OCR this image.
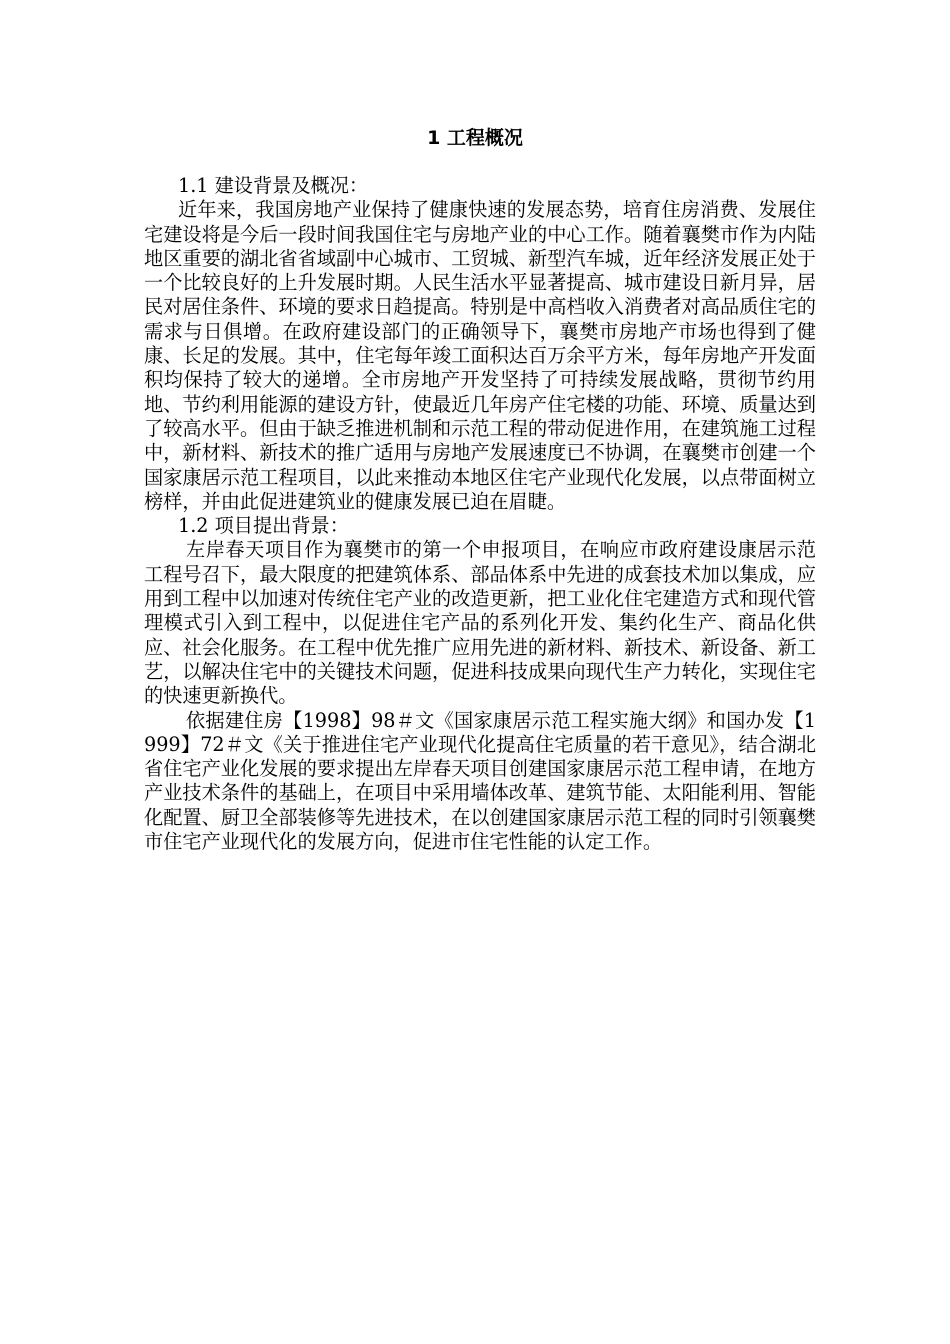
1 工程概况

1.1 建设背景及概况：

近年来，我国房地产业保持了健康快速的发展态势，培育住房消费、发展住宅建设将是今后一段时间我国住宅与房地产业的中心工作。随着襄樊市作为内陆地区重要的湖北省省域副中心城市、工贸城、新型汽车城，近年经济发展正处于一个比较良好的上升发展时期。人民生活水平显著提高、城市建设日新月异，居民对居住条件、环境的要求日趋提高。特别是中高档收入消费者对高品质住宅的需求与日俱增。在政府建设部门的正确领导下，襄樊市房地产市场也得到了健康、长足的发展。其中，住宅每年竣工面积达百万余平方米，每年房地产开发面积均保持了较大的递增。全市房地产开发坚持了可持续发展战略，贯彻节约用地、节约利用能源的建设方针，使最近几年房产住宅楼的功能、环境、质量达到了较高水平。但由于缺乏推进机制和示范工程的带动促进作用，在建筑施工过程中，新材料、新技术的推广适用与房地产发展速度已不协调，在襄樊市创建一个国家康居示范工程项目，以此来推动本地区住宅产业现代化发展，以点带面树立榜样，并由此促进建筑业的健康发展已迫在眉睫。

1.2 项目提出背景：

左岸春天项目作为襄樊市的第一个申报项目，在响应市政府建设康居示范工程号召下，最大限度的把建筑体系、部品体系中先进的成套技术加以集成，应用到工程中以加速对传统住宅产业的改造更新，把工业化住宅建造方式和现代管理模式引入到工程中，以促进住宅产品的系列化开发、集约化生产、商品化供应、社会化服务。在工程中优先推广应用先进的新材料、新技术、新设备、新工艺，以解决住宅中的关键技术问题，促进科技成果向现代生产力转化，实现住宅的快速更新换代。

依据建住房【1998】98＃文《国家康居示范工程实施大纲》和国办发【1999】72＃文《关于推进住宅产业现代化提高住宅质量的若干意见》，结合湖北省住宅产业化发展的要求提出左岸春天项目创建国家康居示范工程申请，在地方产业技术条件的基础上，在项目中采用墙体改革、建筑节能、太阳能利用、智能化配置、厨卫全部装修等先进技术，在以创建国家康居示范工程的同时引领襄樊市住宅产业现代化的发展方向，促进市住宅性能的认定工作。
